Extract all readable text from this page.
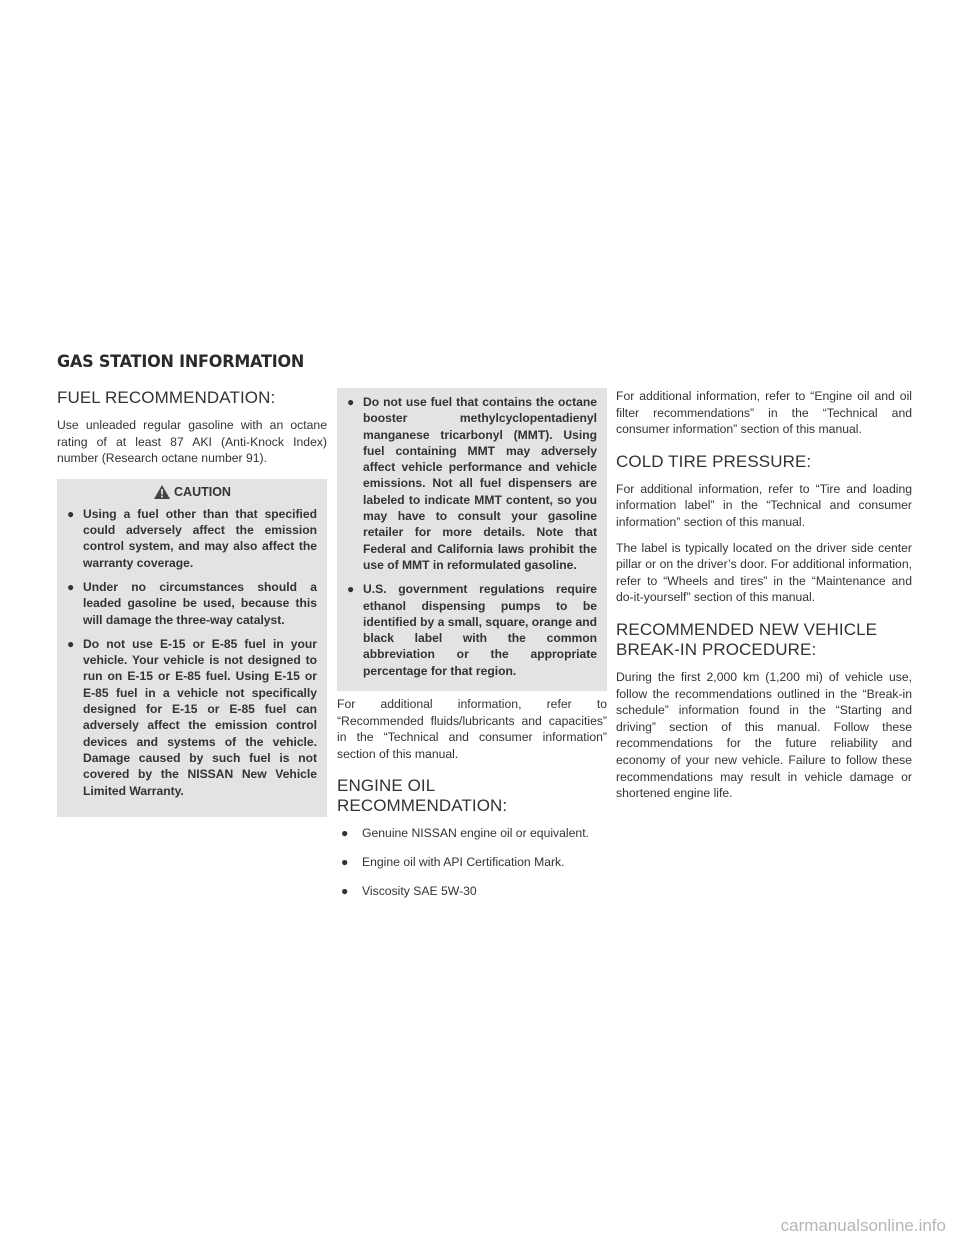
GAS STATION INFORMATION
FUEL RECOMMENDATION:

Use unleaded regular gasoline with an octane rating of at least 87 AKI (Anti-Knock Index) number (Research octane number 91).

CAUTION
● Using a fuel other than that specified could adversely affect the emission control system, and may also affect the warranty coverage.
● Under no circumstances should a leaded gasoline be used, because this will damage the three-way catalyst.
● Do not use E-15 or E-85 fuel in your vehicle. Your vehicle is not designed to run on E-15 or E-85 fuel. Using E-15 or E-85 fuel in a vehicle not specifically designed for E-15 or E-85 fuel can adversely affect the emission control devices and systems of the vehicle. Damage caused by such fuel is not covered by the NISSAN New Vehicle Limited Warranty.
● Do not use fuel that contains the octane booster methylcyclopentadienyl manganese tricarbonyl (MMT). Using fuel containing MMT may adversely affect vehicle performance and vehicle emissions. Not all fuel dispensers are labeled to indicate MMT content, so you may have to consult your gasoline retailer for more details. Note that Federal and California laws prohibit the use of MMT in reformulated gasoline.
● U.S. government regulations require ethanol dispensing pumps to be identified by a small, square, orange and black label with the common abbreviation or the appropriate percentage for that region.

For additional information, refer to “Recommended fluids/lubricants and capacities” in the “Technical and consumer information” section of this manual.

ENGINE OIL RECOMMENDATION:
● Genuine NISSAN engine oil or equivalent.
● Engine oil with API Certification Mark.
● Viscosity SAE 5W-30

For additional information, refer to “Engine oil and oil filter recommendations” in the “Technical and consumer information” section of this manual.

COLD TIRE PRESSURE:

For additional information, refer to “Tire and loading information label” in the “Technical and consumer information” section of this manual.

The label is typically located on the driver side center pillar or on the driver’s door. For additional information, refer to “Wheels and tires” in the “Maintenance and do-it-yourself” section of this manual.

RECOMMENDED NEW VEHICLE
BREAK-IN PROCEDURE:

During the first 2,000 km (1,200 mi) of vehicle use, follow the recommendations outlined in the “Break-in schedule” information found in the “Starting and driving” section of this manual. Follow these recommendations for the future reliability and economy of your new vehicle. Failure to follow these recommendations may result in vehicle damage or shortened engine life.

carmanualsonline.info
